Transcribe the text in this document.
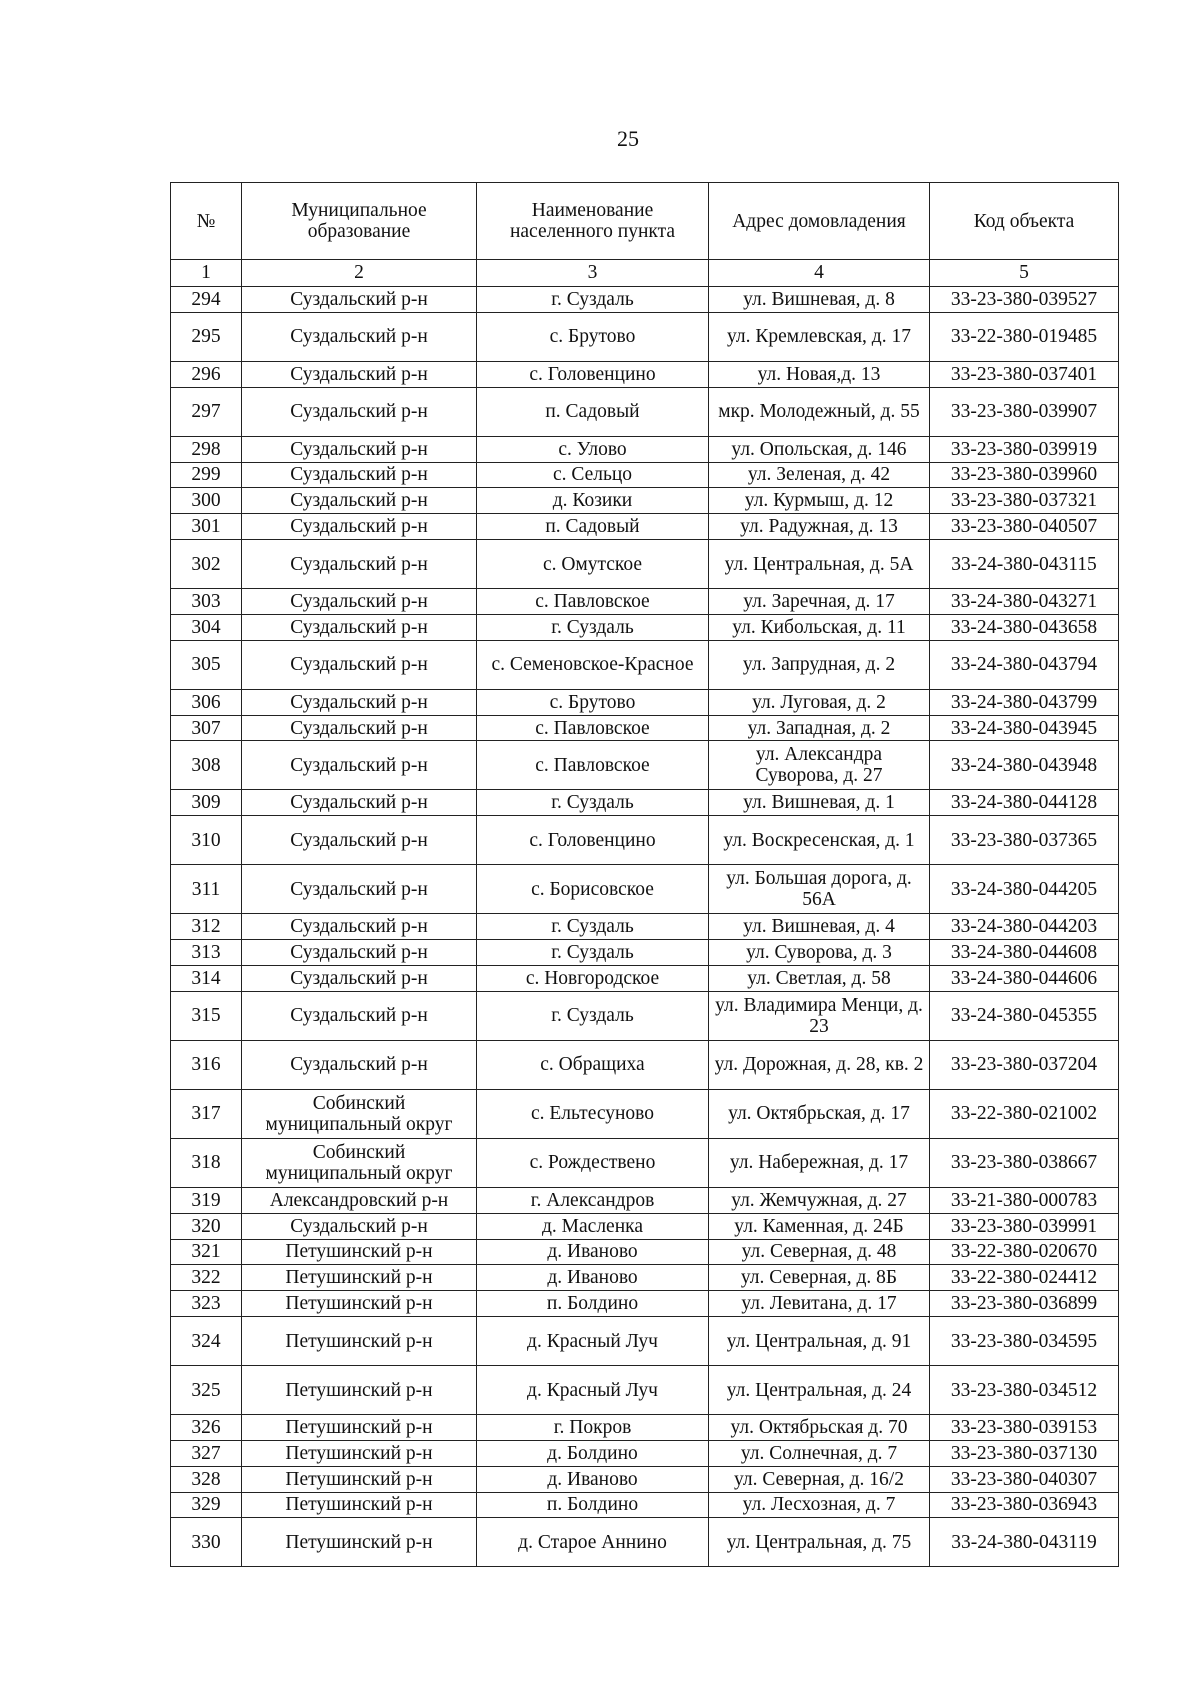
25
№	Муниципальное образование	Наименование населенного пункта	Адрес домовладения	Код объекта
1	2	3	4	5
294	Суздальский р-н	г. Суздаль	ул. Вишневая, д. 8	33-23-380-039527
295	Суздальский р-н	с. Брутово	ул. Кремлевская, д. 17	33-22-380-019485
296	Суздальский р-н	с. Головенцино	ул. Новая,д. 13	33-23-380-037401
297	Суздальский р-н	п. Садовый	мкр. Молодежный, д. 55	33-23-380-039907
298	Суздальский р-н	с. Улово	ул. Опольская, д. 146	33-23-380-039919
299	Суздальский р-н	с. Сельцо	ул. Зеленая, д. 42	33-23-380-039960
300	Суздальский р-н	д. Козики	ул. Курмыш, д. 12	33-23-380-037321
301	Суздальский р-н	п. Садовый	ул. Радужная, д. 13	33-23-380-040507
302	Суздальский р-н	с. Омутское	ул. Центральная, д. 5А	33-24-380-043115
303	Суздальский р-н	с. Павловское	ул. Заречная, д. 17	33-24-380-043271
304	Суздальский р-н	г. Суздаль	ул. Кибольская, д. 11	33-24-380-043658
305	Суздальский р-н	с. Семеновское-Красное	ул. Запрудная, д. 2	33-24-380-043794
306	Суздальский р-н	с. Брутово	ул. Луговая, д. 2	33-24-380-043799
307	Суздальский р-н	с. Павловское	ул. Западная, д. 2	33-24-380-043945
308	Суздальский р-н	с. Павловское	ул. Александра Суворова, д. 27	33-24-380-043948
309	Суздальский р-н	г. Суздаль	ул. Вишневая, д. 1	33-24-380-044128
310	Суздальский р-н	с. Головенцино	ул. Воскресенская, д. 1	33-23-380-037365
311	Суздальский р-н	с. Борисовское	ул. Большая дорога, д. 56А	33-24-380-044205
312	Суздальский р-н	г. Суздаль	ул. Вишневая, д. 4	33-24-380-044203
313	Суздальский р-н	г. Суздаль	ул. Суворова, д. 3	33-24-380-044608
314	Суздальский р-н	с. Новгородское	ул. Светлая, д. 58	33-24-380-044606
315	Суздальский р-н	г. Суздаль	ул. Владимира Менци, д. 23	33-24-380-045355
316	Суздальский р-н	с. Обращиха	ул. Дорожная, д. 28, кв. 2	33-23-380-037204
317	Собинский муниципальный округ	с. Ельтесуново	ул. Октябрьская, д. 17	33-22-380-021002
318	Собинский муниципальный округ	с. Рождествено	ул. Набережная, д. 17	33-23-380-038667
319	Александровский р-н	г. Александров	ул. Жемчужная, д. 27	33-21-380-000783
320	Суздальский р-н	д. Масленка	ул. Каменная, д. 24Б	33-23-380-039991
321	Петушинский р-н	д. Иваново	ул. Северная, д. 48	33-22-380-020670
322	Петушинский р-н	д. Иваново	ул. Северная, д. 8Б	33-22-380-024412
323	Петушинский р-н	п. Болдино	ул. Левитана, д. 17	33-23-380-036899
324	Петушинский р-н	д. Красный Луч	ул. Центральная, д. 91	33-23-380-034595
325	Петушинский р-н	д. Красный Луч	ул. Центральная, д. 24	33-23-380-034512
326	Петушинский р-н	г. Покров	ул. Октябрьская д. 70	33-23-380-039153
327	Петушинский р-н	д. Болдино	ул. Солнечная, д. 7	33-23-380-037130
328	Петушинский р-н	д. Иваново	ул. Северная, д. 16/2	33-23-380-040307
329	Петушинский р-н	п. Болдино	ул. Лесхозная, д. 7	33-23-380-036943
330	Петушинский р-н	д. Старое Аннино	ул. Центральная, д. 75	33-24-380-043119
